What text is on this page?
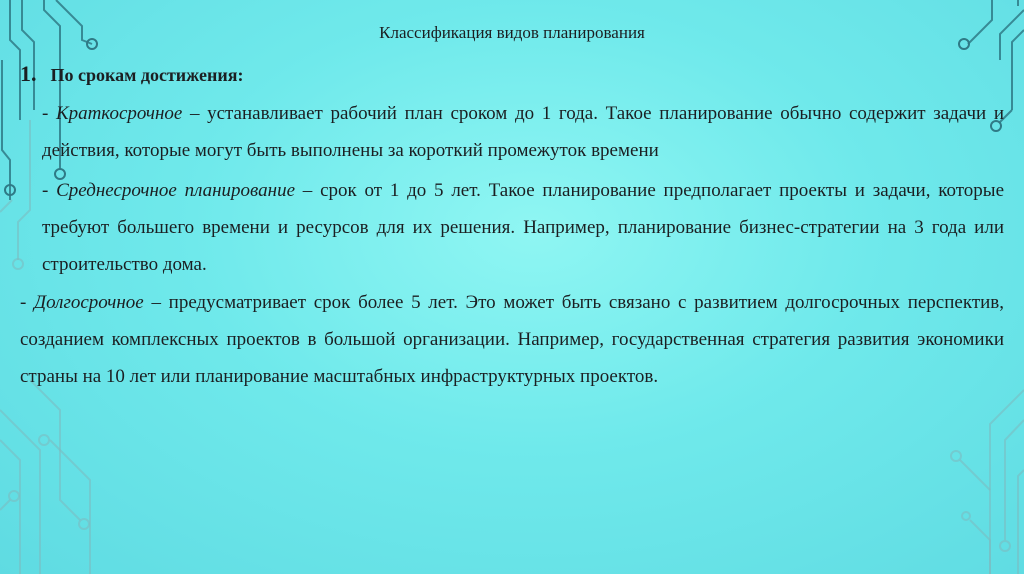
Классификация видов планирования
1. По срокам достижения:
- Краткосрочное – устанавливает рабочий план сроком до 1 года. Такое планирование обычно содержит задачи и действия, которые могут быть выполнены за короткий промежуток времени
- Среднесрочное планирование – срок от 1 до 5 лет. Такое планирование предполагает проекты и задачи, которые требуют большего времени и ресурсов для их решения. Например, планирование бизнес-стратегии на 3 года или строительство дома.
- Долгосрочное – предусматривает срок более 5 лет. Это может быть связано с развитием долгосрочных перспектив, созданием комплексных проектов в большой организации. Например, государственная стратегия развития экономики страны на 10 лет или планирование масштабных инфраструктурных проектов.
